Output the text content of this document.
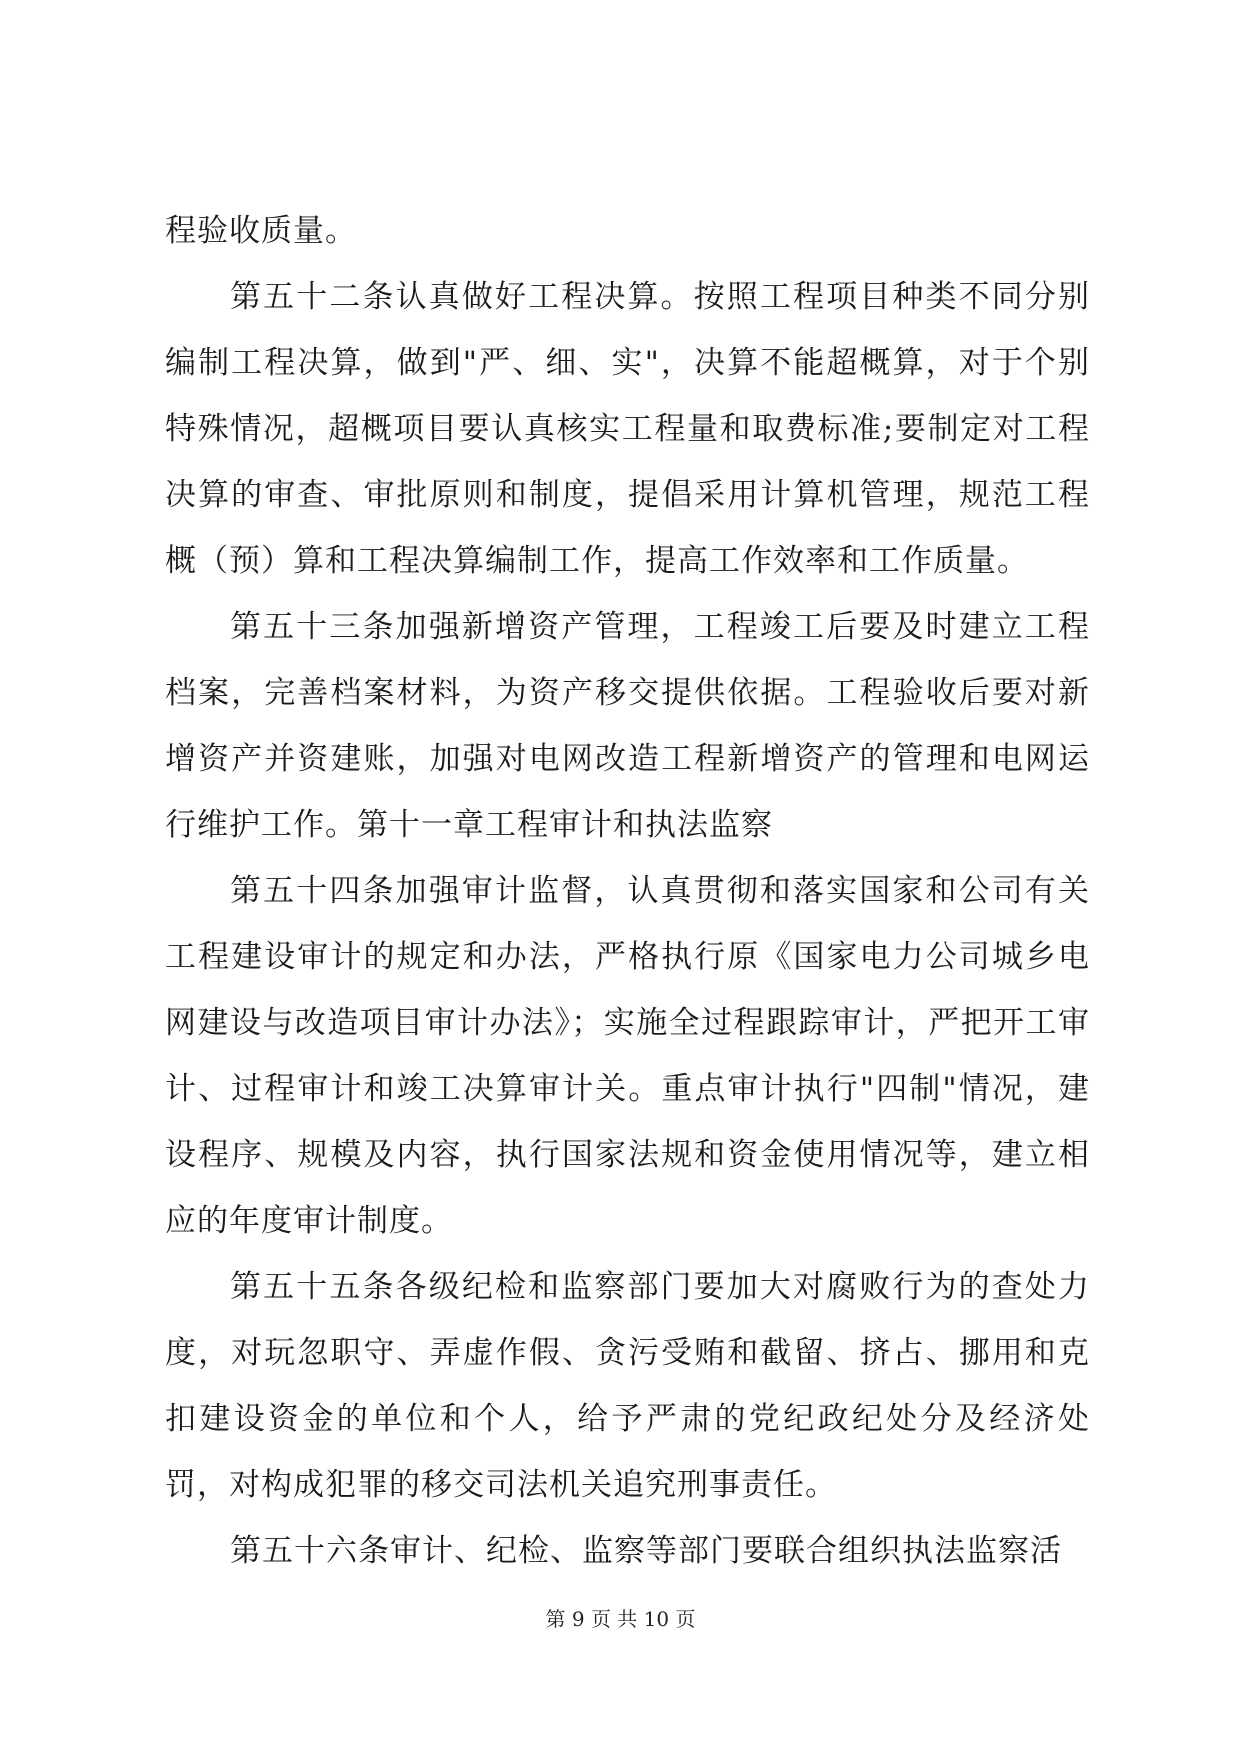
程验收质量。

第五十二条认真做好工程决算。按照工程项目种类不同分别编制工程决算，做到"严、细、实"，决算不能超概算，对于个别特殊情况，超概项目要认真核实工程量和取费标准;要制定对工程决算的审查、审批原则和制度，提倡采用计算机管理，规范工程概（预）算和工程决算编制工作，提高工作效率和工作质量。

第五十三条加强新增资产管理，工程竣工后要及时建立工程档案，完善档案材料，为资产移交提供依据。工程验收后要对新增资产并资建账，加强对电网改造工程新增资产的管理和电网运行维护工作。第十一章工程审计和执法监察

第五十四条加强审计监督，认真贯彻和落实国家和公司有关工程建设审计的规定和办法，严格执行原《国家电力公司城乡电网建设与改造项目审计办法》；实施全过程跟踪审计，严把开工审计、过程审计和竣工决算审计关。重点审计执行"四制"情况，建设程序、规模及内容，执行国家法规和资金使用情况等，建立相应的年度审计制度。

第五十五条各级纪检和监察部门要加大对腐败行为的查处力度，对玩忽职守、弄虚作假、贪污受贿和截留、挤占、挪用和克扣建设资金的单位和个人，给予严肃的党纪政纪处分及经济处罚，对构成犯罪的移交司法机关追究刑事责任。

第五十六条审计、纪检、监察等部门要联合组织执法监察活

第 9 页 共 10 页
